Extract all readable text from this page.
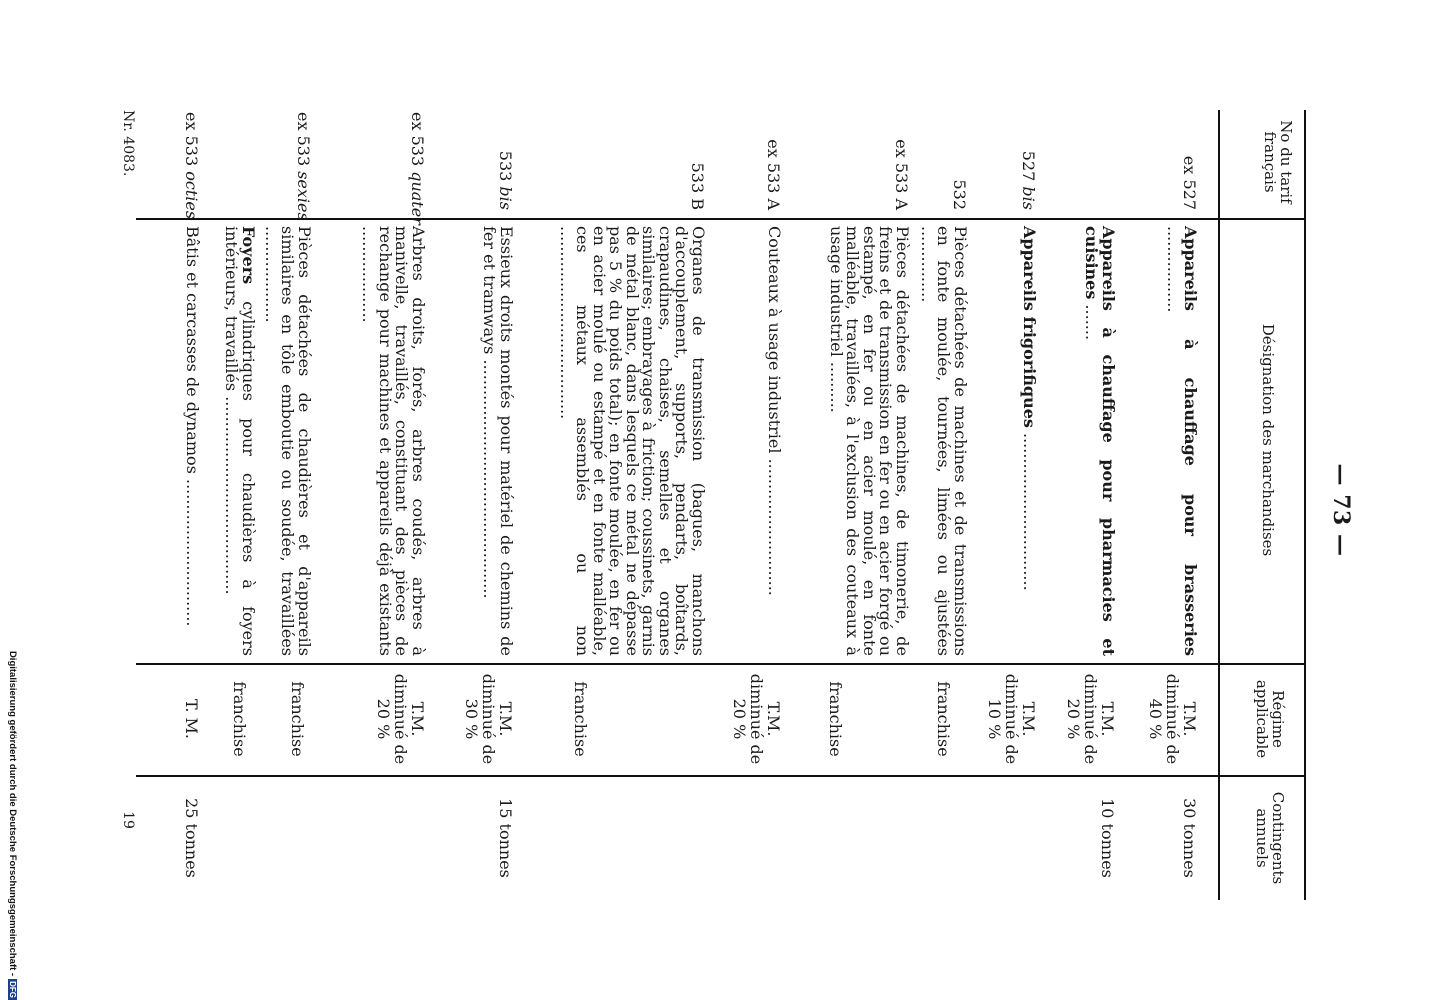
— 73 —
No du tarif français
Désignation des marchandises
Régime applicable
Contingents annuels
ex 527
Appareils à chauffage pour brasseries .................
T.M. diminué de 40 %
30 tonnes
Appareils à chauffage pour pharmacies et cuisines .......
T.M. diminué de 20 %
10 tonnes
527 bis
Appareils frigorifiques ...............................
T.M. diminué de 10 %
532
Pièces détachées de machines et de transmissions en fonte moulée, tournées, limées ou ajustées ...............
franchise
ex 533 A
Pièces détachées de machines, de timonerie, de freins et de transmission en fer ou en acier forgé ou estampé, en fer ou en acier moulé, en fonte malléable, travaillées, à l'exclusion des couteaux à usage industriel ..........
franchise
ex 533 A
Couteaux à usage industriel ...........................
T.M. diminué de 20 %
533 B
Organes de transmission (bagues, manchons d'accouplement, supports, pendarts, boîtards, crapaudines, chaises, semelles et organes similaires; embrayages à friction; coussinets, garnis de métal blanc, dans lesquels ce métal ne dépasse pas 5 % du poids total); en fonte moulée, en fer ou en acier moulé ou estampé et en fonte malléable, ces métaux assemblés ou non ......................................
franchise
533 bis
Essieux droits montés pour matériel de chemins de fer et tramways ...............................................
T.M. diminué de 30 %
15 tonnes
ex 533 quater
Arbres droits, forés, arbres coudés, arbres à manivelle, travaillés, constituant des pièces de rechange pour machines et appareils déjà existants ...................
T.M. diminué de 20 %
ex 533 sexies
Pièces détachées de chaudières et d'appareils similaires en tôle emboutie ou soudée, travaillées ...................
franchise
Foyers cylindriques pour chaudières à foyers intérieurs, travaillés .......................................
franchise
ex 533 octies
Bâtis et carcasses de dynamos .............................
T. M.
25 tonnes
Nr. 4083.
19
Digitalisierung gefördert durch die Deutsche Forschungsgemeinschaft -DFG
